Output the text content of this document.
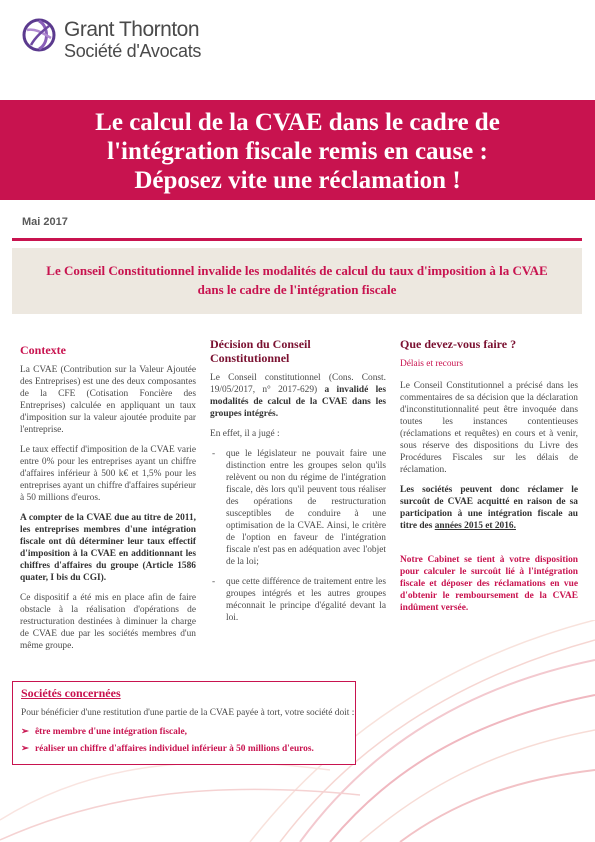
Grant Thornton
Société d'Avocats
Le calcul de la CVAE dans le cadre de
l'intégration fiscale remis en cause :
Déposez vite une réclamation !
Mai 2017
Le Conseil Constitutionnel invalide les modalités de calcul du taux d'imposition à la CVAE
dans le cadre de l'intégration fiscale
Contexte

La CVAE (Contribution sur la Valeur Ajoutée des Entreprises) est une des deux composantes de la CFE (Cotisation Foncière des Entreprises) calculée en appliquant un taux d'imposition sur la valeur ajoutée produite par l'entreprise.

Le taux effectif d'imposition de la CVAE varie entre 0% pour les entreprises ayant un chiffre d'affaires inférieur à 500 k€ et 1,5% pour les entreprises ayant un chiffre d'affaires supérieur à 50 millions d'euros.

A compter de la CVAE due au titre de 2011, les entreprises membres d'une intégration fiscale ont dû déterminer leur taux effectif d'imposition à la CVAE en additionnant les chiffres d'affaires du groupe (Article 1586 quater, I bis du CGI).

Ce dispositif a été mis en place afin de faire obstacle à la réalisation d'opérations de restructuration destinées à diminuer la charge de CVAE due par les sociétés membres d'un même groupe.

Décision du Conseil Constitutionnel

Le Conseil constitutionnel (Cons. Const. 19/05/2017, n° 2017-629) a invalidé les modalités de calcul de la CVAE dans les groupes intégrés.

En effet, il a jugé :

- que le législateur ne pouvait faire une distinction entre les groupes selon qu'ils relèvent ou non du régime de l'intégration fiscale, dès lors qu'il peuvent tous réaliser des opérations de restructuration susceptibles de conduire à une optimisation de la CVAE. Ainsi, le critère de l'option en faveur de l'intégration fiscale n'est pas en adéquation avec l'objet de la loi;
- que cette différence de traitement entre les groupes intégrés et les autres groupes méconnait le principe d'égalité devant la loi.
Que devez-vous faire ?
Délais et recours

Le Conseil Constitutionnel a précisé dans les commentaires de sa décision que la déclaration d'inconstitutionnalité peut être invoquée dans toutes les instances contentieuses (réclamations et requêtes) en cours et à venir, sous réserve des dispositions du Livre des Procédures Fiscales sur les délais de réclamation.

Les sociétés peuvent donc réclamer le surcoût de CVAE acquitté en raison de sa participation à une intégration fiscale au titre des années 2015 et 2016.

Notre Cabinet se tient à votre disposition pour calculer le surcoût lié à l'intégration fiscale et déposer des réclamations en vue d'obtenir le remboursement de la CVAE indûment versée.

Sociétés concernées
Pour bénéficier d'une restitution d'une partie de la CVAE payée à tort, votre société doit :
➢ être membre d'une intégration fiscale,
➢ réaliser un chiffre d'affaires individuel inférieur à 50 millions d'euros.
